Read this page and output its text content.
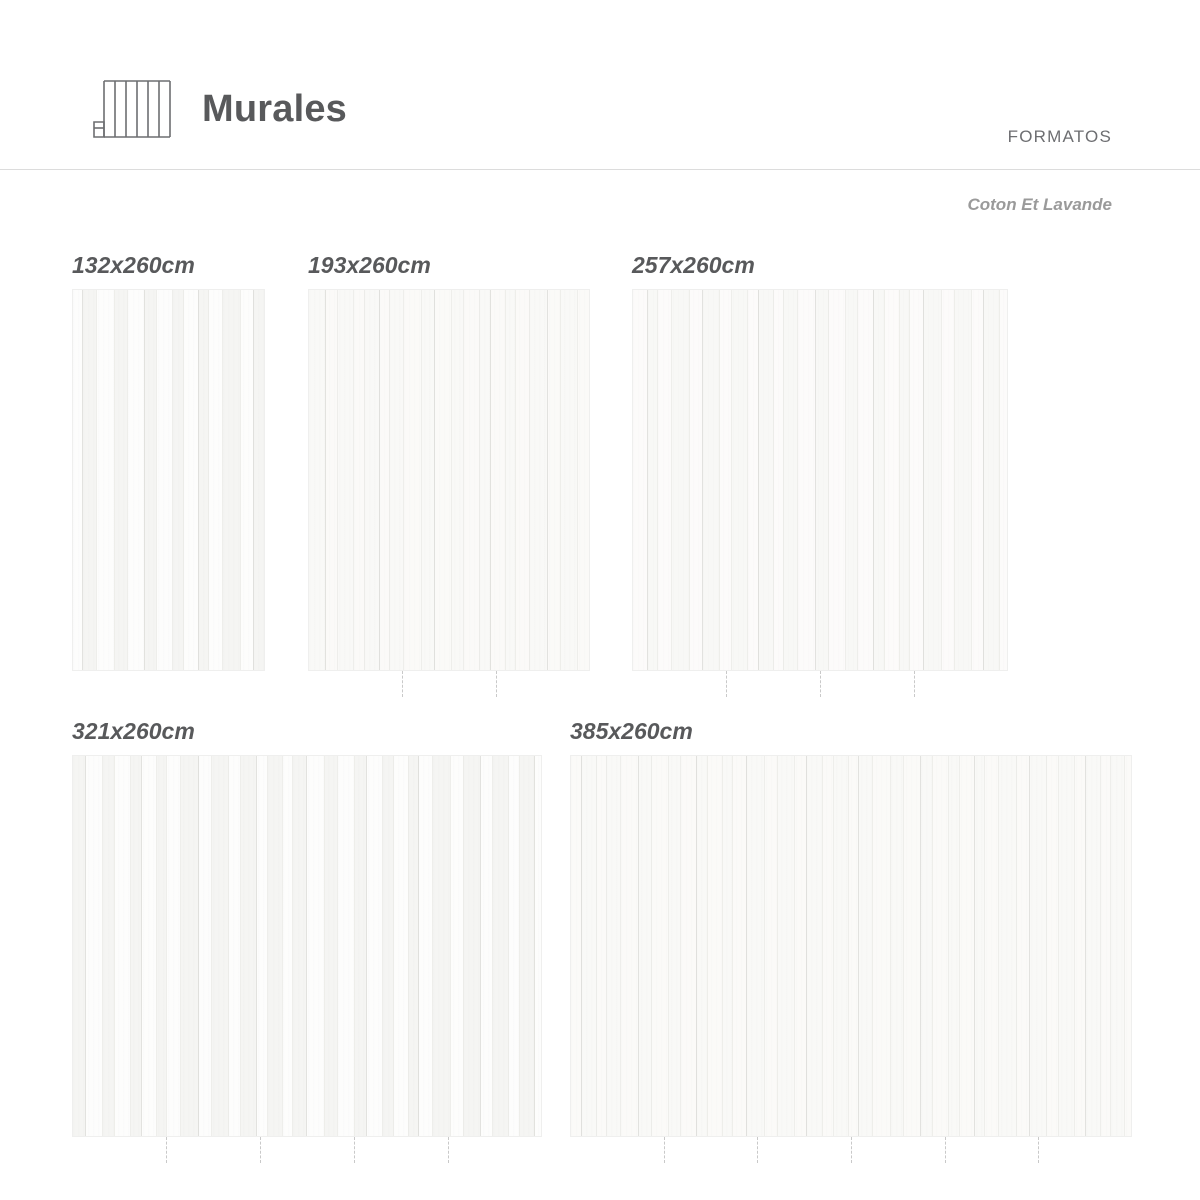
Murales
FORMATOS
Coton Et Lavande
132x260cm	193x260cm	257x260cm
321x260cm	385x260cm
